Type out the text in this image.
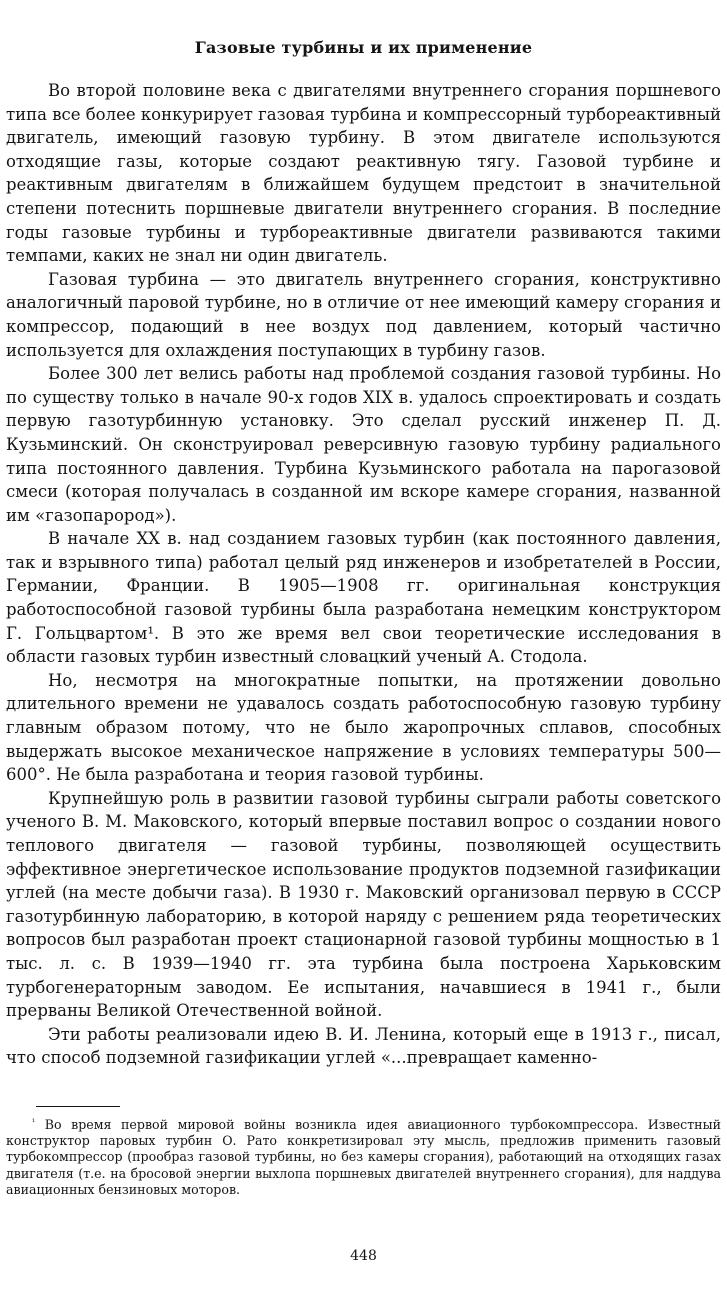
Газовые турбины и их применение

Во второй половине века с двигателями внутреннего сгорания поршневого типа все более конкурирует газовая турбина и компрессорный турбореактивный двигатель, имеющий газовую турбину. В этом двигателе используются отходящие газы, которые создают реактивную тягу. Газовой турбине и реактивным двигателям в ближайшем будущем предстоит в значительной степени потеснить поршневые двигатели внутреннего сгорания. В последние годы газовые турбины и турбореактивные двигатели развиваются такими темпами, каких не знал ни один двигатель.

Газовая турбина — это двигатель внутреннего сгорания, конструктивно аналогичный паровой турбине, но в отличие от нее имеющий камеру сгорания и компрессор, подающий в нее воздух под давлением, который частично используется для охлаждения поступающих в турбину газов.

Более 300 лет велись работы над проблемой создания газовой турбины. Но по существу только в начале 90-х годов XIX в. удалось спроектировать и создать первую газотурбинную установку. Это сделал русский инженер П. Д. Кузьминский. Он сконструировал реверсивную газовую турбину радиального типа постоянного давления. Турбина Кузьминского работала на парогазовой смеси (которая получалась в созданной им вскоре камере сгорания, названной им «газопарород»).

В начале XX в. над созданием газовых турбин (как постоянного давления, так и взрывного типа) работал целый ряд инженеров и изобретателей в России, Германии, Франции. В 1905—1908 гг. оригинальная конструкция работоспособной газовой турбины была разработана немецким конструктором Г. Гольцвартом¹. В это же время вел свои теоретические исследования в области газовых турбин известный словацкий ученый А. Стодола.

Но, несмотря на многократные попытки, на протяжении довольно длительного времени не удавалось создать работоспособную газовую турбину главным образом потому, что не было жаропрочных сплавов, способных выдержать высокое механическое напряжение в условиях температуры 500—600°. Не была разработана и теория газовой турбины.

Крупнейшую роль в развитии газовой турбины сыграли работы советского ученого В. М. Маковского, который впервые поставил вопрос о создании нового теплового двигателя — газовой турбины, позволяющей осуществить эффективное энергетическое использование продуктов подземной газификации углей (на месте добычи газа). В 1930 г. Маковский организовал первую в СССР газотурбинную лабораторию, в которой наряду с решением ряда теоретических вопросов был разработан проект стационарной газовой турбины мощностью в 1 тыс. л. с. В 1939—1940 гг. эта турбина была построена Харьковским турбогенераторным заводом. Ее испытания, начавшиеся в 1941 г., были прерваны Великой Отечественной войной.

Эти работы реализовали идею В. И. Ленина, который еще в 1913 г., писал, что способ подземной газификации углей «...превращает каменно-

$^{^1}$ Во время первой мировой войны возникла идея авиационного турбокомпрессора. Известный конструктор паровых турбин О. Рато конкретизировал эту мысль, предложив применить газовый турбокомпрессор (прообраз газовой турбины, но без камеры сгорания), работающий на отходящих газах двигателя (т.е. на бросовой энергии выхлопа поршневых двигателей внутреннего сгорания), для наддува авиационных бензиновых моторов.

448
